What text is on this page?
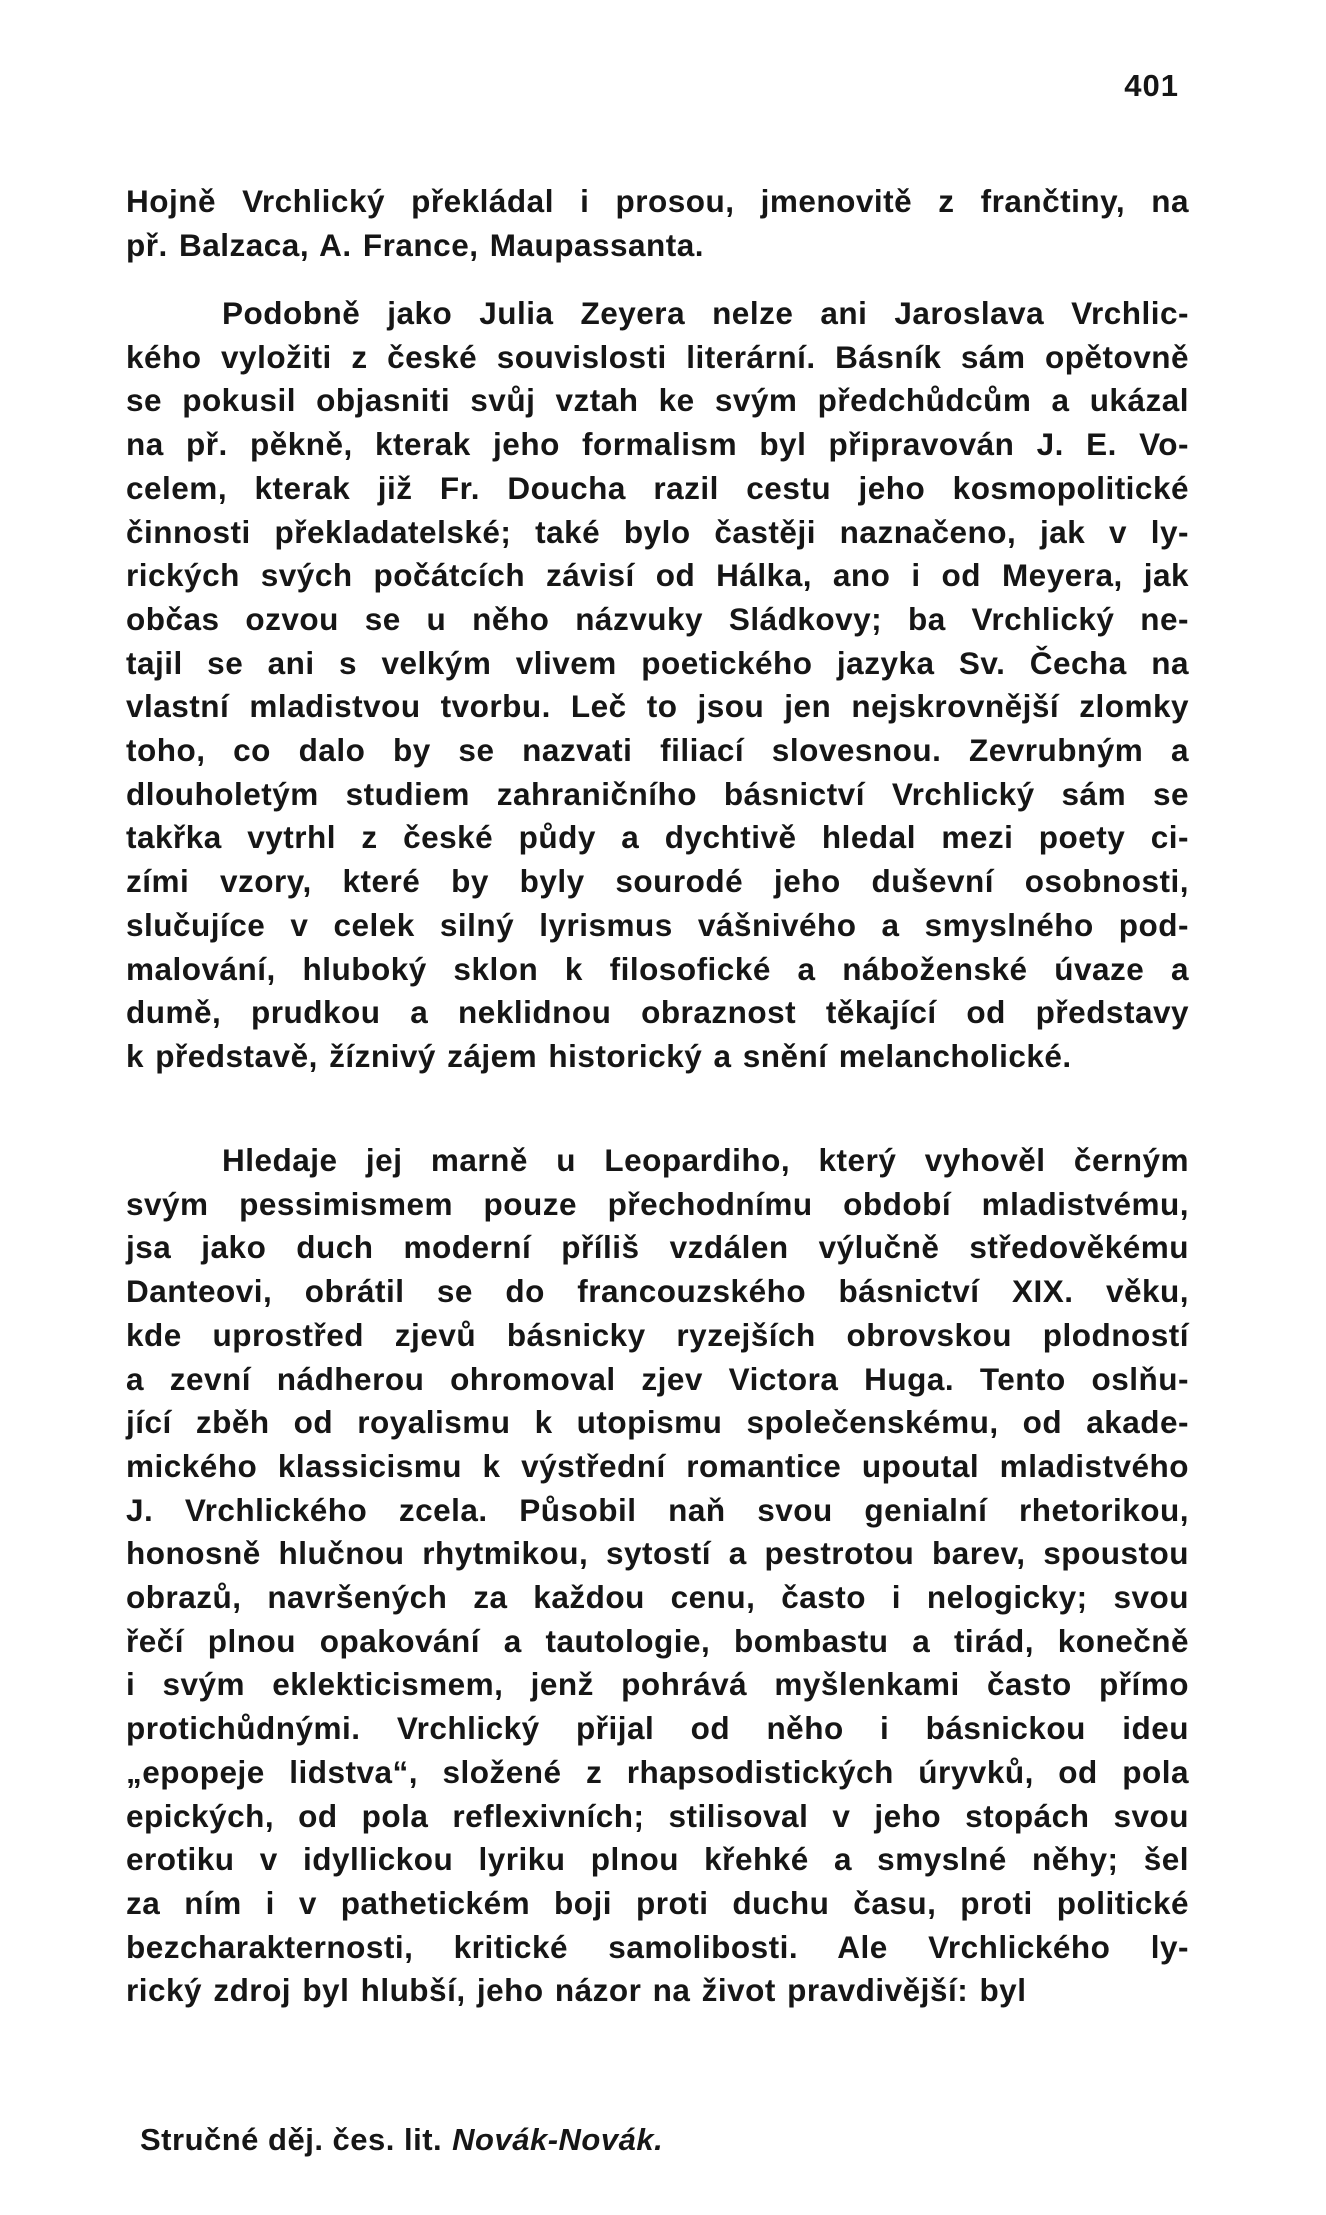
401
Hojně Vrchlický překládal i prosou, jmenovitě z frančtiny, na
př. Balzaca, A. France, Maupassanta.
Podobně jako Julia Zeyera nelze ani Jaroslava Vrchlic-
kého vyložiti z české souvislosti literární. Básník sám opětovně
se pokusil objasniti svůj vztah ke svým předchůdcům a ukázal
na př. pěkně, kterak jeho formalism byl připravován J. E. Vo-
celem, kterak již Fr. Doucha razil cestu jeho kosmopolitické
činnosti překladatelské; také bylo častěji naznačeno, jak v ly-
rických svých počátcích závisí od Hálka, ano i od Meyera, jak
občas ozvou se u něho názvuky Sládkovy; ba Vrchlický ne-
tajil se ani s velkým vlivem poetického jazyka Sv. Čecha na
vlastní mladistvou tvorbu. Leč to jsou jen nejskrovnější zlomky
toho, co dalo by se nazvati filiací slovesnou. Zevrubným a
dlouholetým studiem zahraničního básnictví Vrchlický sám se
takřka vytrhl z české půdy a dychtivě hledal mezi poety ci-
zími vzory, které by byly sourodé jeho duševní osobnosti,
slučujíce v celek silný lyrismus vášnivého a smyslného pod-
malování, hluboký sklon k filosofické a náboženské úvaze a
dumě, prudkou a neklidnou obraznost těkající od představy
k představě, žíznivý zájem historický a snění melancholické.
Hledaje jej marně u Leopardiho, který vyhověl černým
svým pessimismem pouze přechodnímu období mladistvému,
jsa jako duch moderní příliš vzdálen výlučně středověkému
Danteovi, obrátil se do francouzského básnictví XIX. věku,
kde uprostřed zjevů básnicky ryzejších obrovskou plodností
a zevní nádherou ohromoval zjev Victora Huga. Tento oslňu-
jící zběh od royalismu k utopismu společenskému, od akade-
mického klassicismu k výstřední romantice upoutal mladistvého
J. Vrchlického zcela. Působil naň svou genialní rhetorikou,
honosně hlučnou rhytmikou, sytostí a pestrotou barev, spoustou
obrazů, navršených za každou cenu, často i nelogicky; svou
řečí plnou opakování a tautologie, bombastu a tirád, konečně
i svým eklekticismem, jenž pohrává myšlenkami často přímo
protichůdnými. Vrchlický přijal od něho i básnickou ideu
„epopeje lidstva“, složené z rhapsodistických úryvků, od pola
epických, od pola reflexivních; stilisoval v jeho stopách svou
erotiku v idyllickou lyriku plnou křehké a smyslné něhy; šel
za ním i v pathetickém boji proti duchu času, proti politické
bezcharakternosti, kritické samolibosti. Ale Vrchlického ly-
rický zdroj byl hlubší, jeho názor na život pravdivější: byl
Stručné děj. čes. lit. Novák-Novák.
